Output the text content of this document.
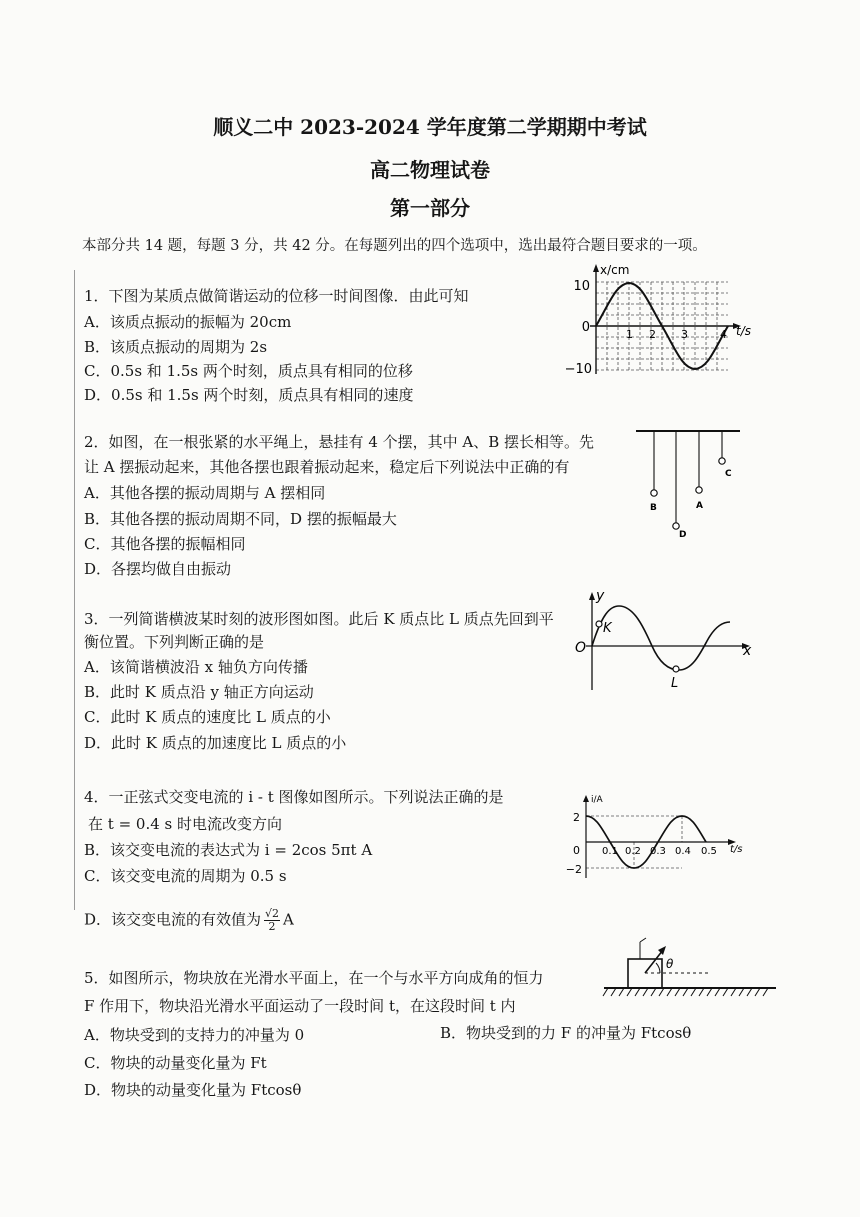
顺义二中 2023-2024 学年度第二学期期中考试
高二物理试卷
第一部分
本部分共 14 题，每题 3 分，共 42 分。在每题列出的四个选项中，选出最符合题目要求的一项。
1．下图为某质点做简谐运动的位移一时间图像．由此可知
A．该质点振动的振幅为 20cm
B．该质点振动的周期为 2s
C．0.5s 和 1.5s 两个时刻，质点具有相同的位移
D．0.5s 和 1.5s 两个时刻，质点具有相同的速度
x/cm
t/s
10
0
−10
1 2 3	4
2．如图，在一根张紧的水平绳上，悬挂有 4 个摆，其中 A、B 摆长相等。先
让 A 摆振动起来，其他各摆也跟着振动起来，稳定后下列说法中正确的有
A．其他各摆的振动周期与 A 摆相同
B．其他各摆的振动周期不同，D 摆的振幅最大
C．其他各摆的振幅相同
D．各摆均做自由振动
B
D
A
C
3．一列简谐横波某时刻的波形图如图。此后 K 质点比 L 质点先回到平
衡位置。下列判断正确的是
A．该简谐横波沿 x 轴负方向传播
B．此时 K 质点沿 y 轴正方向运动
C．此时 K 质点的速度比 L 质点的小
D．此时 K 质点的加速度比 L 质点的小
y
x
O
K
L
4．一正弦式交变电流的 i - t 图像如图所示。下列说法正确的是
在 t = 0.4 s 时电流改变方向
B．该交变电流的表达式为 i = 2cos 5πt A
C．该交变电流的周期为 0.5 s
D．该交变电流的有效值为 $\frac{√2}{2}$ A
i/A
t/s
2
0
−2
0.1 0.2 0.3 0.4 0.5
5．如图所示，物块放在光滑水平面上，在一个与水平方向成角的恒力
F 作用下，物块沿光滑水平面运动了一段时间 t，在这段时间 t 内
A．物块受到的支持力的冲量为 0	B．物块受到的力 F 的冲量为 Ftcosθ
C．物块的动量变化量为 Ft
D．物块的动量变化量为 Ftcosθ
θ
